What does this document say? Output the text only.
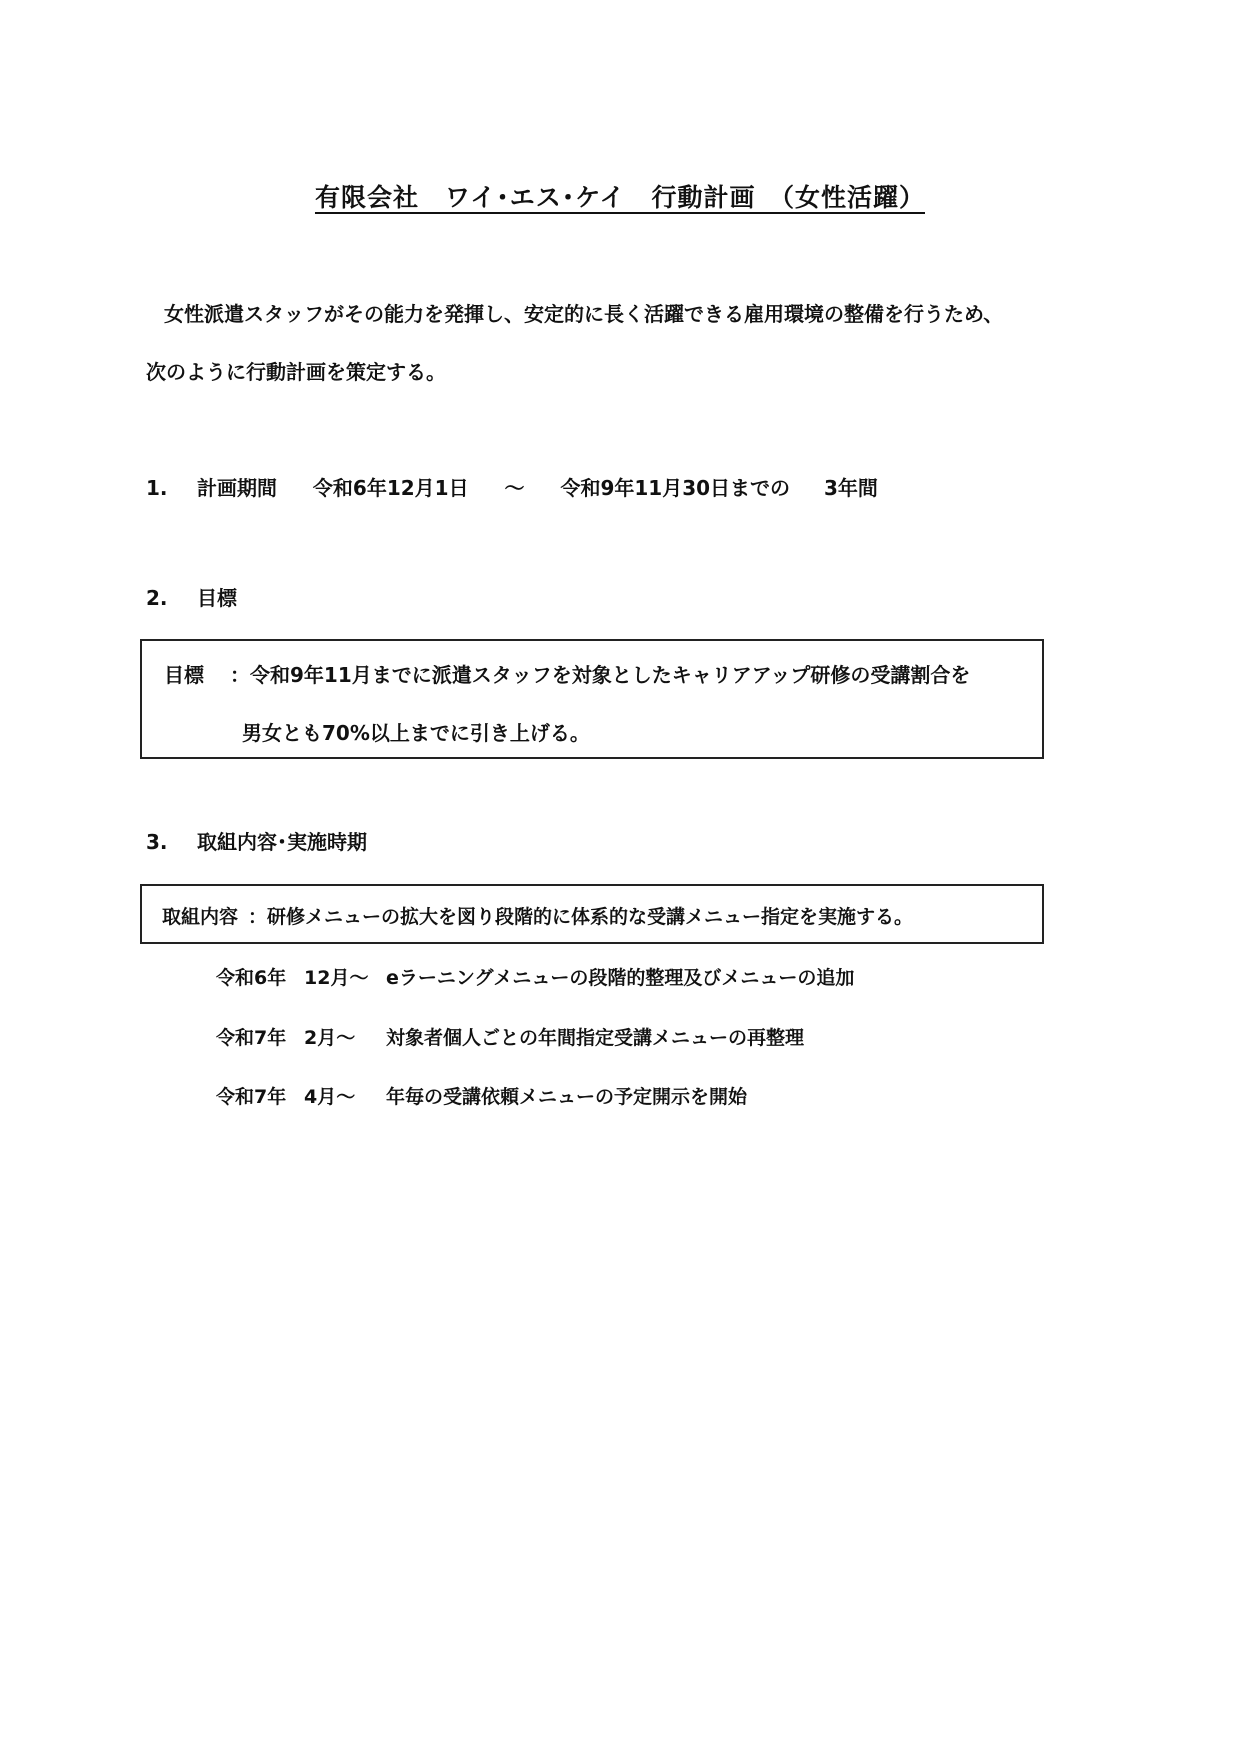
有限会社　ワイ･エス･ケイ　行動計画　（女性活躍）
女性派遣スタッフがその能力を発揮し、安定的に長く活躍できる雇用環境の整備を行うため、
次のように行動計画を策定する。
1. 計画期間 令和6年12月1日 ～ 令和9年11月30日までの 3年間
2. 目標
目標 ：令和9年11月までに派遣スタッフを対象としたキャリアアップ研修の受講割合を
男女とも70%以上までに引き上げる。
3. 取組内容･実施時期
取組内容 ：研修メニューの拡大を図り段階的に体系的な受講メニュー指定を実施する。
令和6年 12月～ eラーニングメニューの段階的整理及びメニューの追加
令和7年 2月～ 対象者個人ごとの年間指定受講メニューの再整理
令和7年 4月～ 年毎の受講依頼メニューの予定開示を開始
